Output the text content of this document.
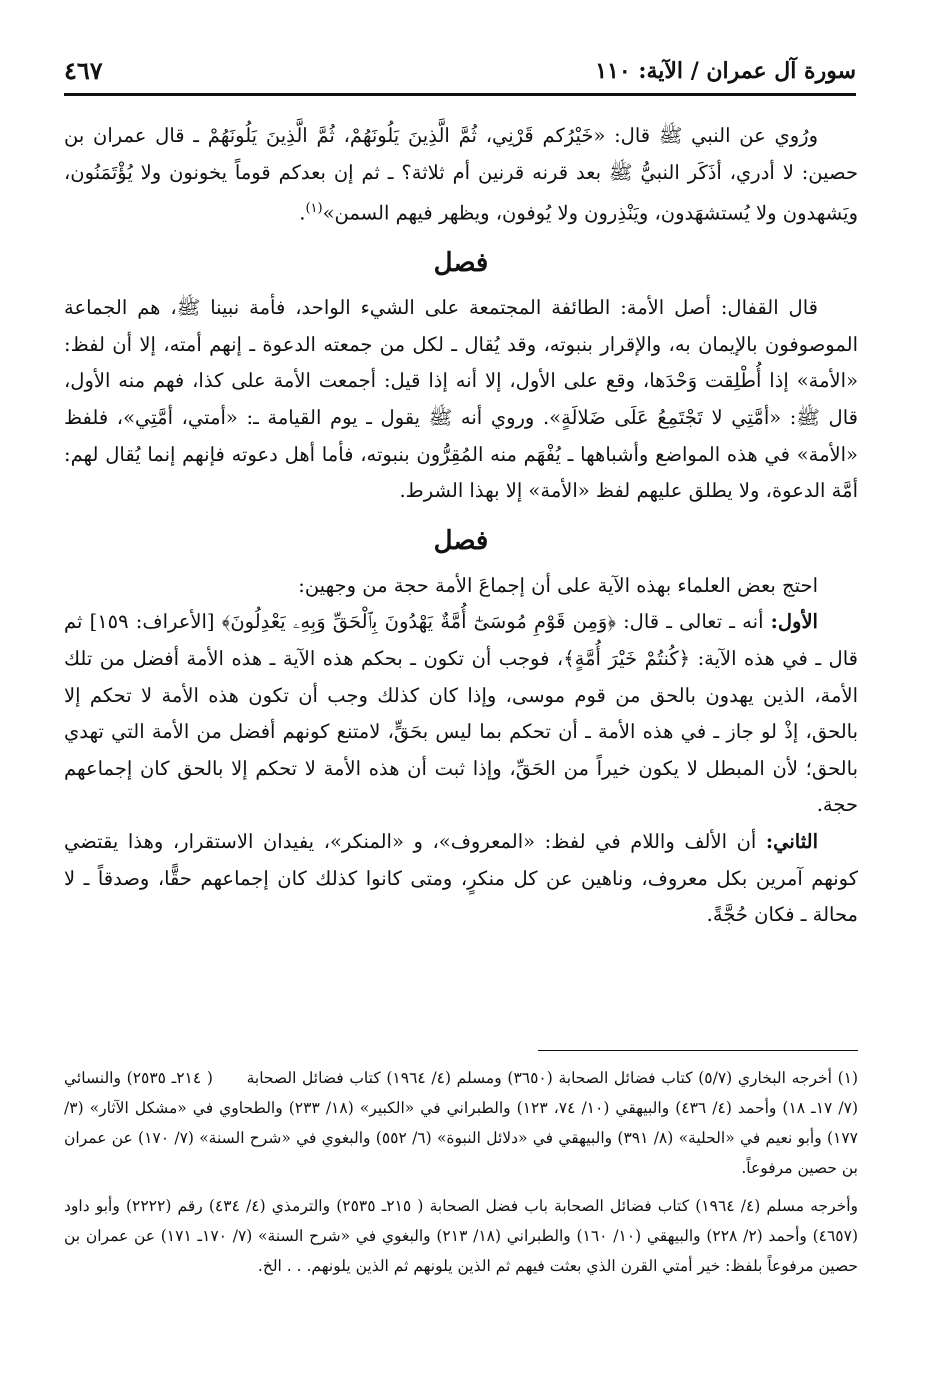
سورة آل عمران / الآية: ١١٠
٤٦٧

ورُوي عن النبي ﷺ قال: «خَيْرُكم قَرْنِي، ثُمَّ الَّذِينَ يَلُونَهُمْ، ثُمَّ الَّذِينَ يَلُونَهُمْ ـ قال عمران بن حصين: لا أدري، أذَكَر النبيُّ ﷺ بعد قرنه قرنين أم ثلاثة؟ ـ ثم إن بعدكم قوماً يخونون ولا يُؤْتَمَنُون، ويَشهدون ولا يُستشهَدون، ويَنْذِرون ولا يُوفون، ويظهر فيهم السمن»$^{(١)}$.

فصل

قال القفال: أصل الأمة: الطائفة المجتمعة على الشيء الواحد، فأمة نبينا ﷺ، هم الجماعة الموصوفون بالإيمان به، والإقرار بنبوته، وقد يُقال ـ لكل من جمعته الدعوة ـ إنهم أمته، إلا أن لفظ: «الأمة» إذا أُطْلِقت وَحْدَها، وقع على الأول، إلا أنه إذا قيل: أجمعت الأمة على كذا، فهم منه الأول، قال ﷺ: «أمَّتِي لا تَجْتَمِعُ عَلَى ضَلالَةٍ». وروي أنه ﷺ يقول ـ يوم القيامة ـ: «أمتي، أمَّتِي»، فلفظ «الأمة» في هذه المواضع وأشباهها ـ يُفْهَم منه المُقِرُّون بنبوته، فأما أهل دعوته فإنهم إنما يُقال لهم: أمَّة الدعوة، ولا يطلق عليهم لفظ «الأمة» إلا بهذا الشرط.

فصل

احتج بعض العلماء بهذه الآية على أن إجماعَ الأمة حجة من وجهين:

الأول: أنه ـ تعالى ـ قال: ﴿وَمِن قَوْمِ مُوسَىٰٓ أُمَّةٌ يَهْدُونَ بِٱلْحَقِّ وَبِهِۦ يَعْدِلُونَ﴾ [الأعراف: ١٥٩] ثم قال ـ في هذه الآية: ﴿كُنتُمْ خَيْرَ أُمَّةٍ﴾، فوجب أن تكون ـ بحكم هذه الآية ـ هذه الأمة أفضل من تلك الأمة، الذين يهدون بالحق من قوم موسى، وإذا كان كذلك وجب أن تكون هذه الأمة لا تحكم إلا بالحق، إذْ لو جاز ـ في هذه الأمة ـ أن تحكم بما ليس بحَقٍّ، لامتنع كونهم أفضل من الأمة التي تهدي بالحق؛ لأن المبطل لا يكون خيراً من الحَقِّ، وإذا ثبت أن هذه الأمة لا تحكم إلا بالحق كان إجماعهم حجة.

الثاني: أن الألف واللام في لفظ: «المعروف»، و «المنكر»، يفيدان الاستقرار، وهذا يقتضي كونهم آمرين بكل معروف، وناهين عن كل منكرٍ، ومتى كانوا كذلك كان إجماعهم حقًّا، وصدقاً ـ لا محالة ـ فكان حُجَّةً.

(١) أخرجه البخاري (٥/٧) كتاب فضائل الصحابة (٣٦٥٠) ومسلم (٤/ ١٩٦٤) كتاب فضائل الصحابة ( ٢١٤ـ ٢٥٣٥) والنسائي (٧/ ١٧ـ ١٨) وأحمد (٤/ ٤٣٦) والبيهقي (١٠/ ٧٤، ١٢٣) والطبراني في «الكبير» (١٨/ ٢٣٣) والطحاوي في «مشكل الآثار» (٣/ ١٧٧) وأبو نعيم في «الحلية» (٨/ ٣٩١) والبيهقي في «دلائل النبوة» (٦/ ٥٥٢) والبغوي في «شرح السنة» (٧/ ١٧٠) عن عمران بن حصين مرفوعاً.

وأخرجه مسلم (٤/ ١٩٦٤) كتاب فضائل الصحابة باب فضل الصحابة ( ٢١٥ـ ٢٥٣٥) والترمذي (٤/ ٤٣٤) رقم (٢٢٢٢) وأبو داود (٤٦٥٧) وأحمد (٢/ ٢٢٨) والبيهقي (١٠/ ١٦٠) والطبراني (١٨/ ٢١٣) والبغوي في «شرح السنة» (٧/ ١٧٠ـ ١٧١) عن عمران بن حصين مرفوعاً بلفظ: خير أمتي القرن الذي بعثت فيهم ثم الذين يلونهم ثم الذين يلونهم. . . الخ.
